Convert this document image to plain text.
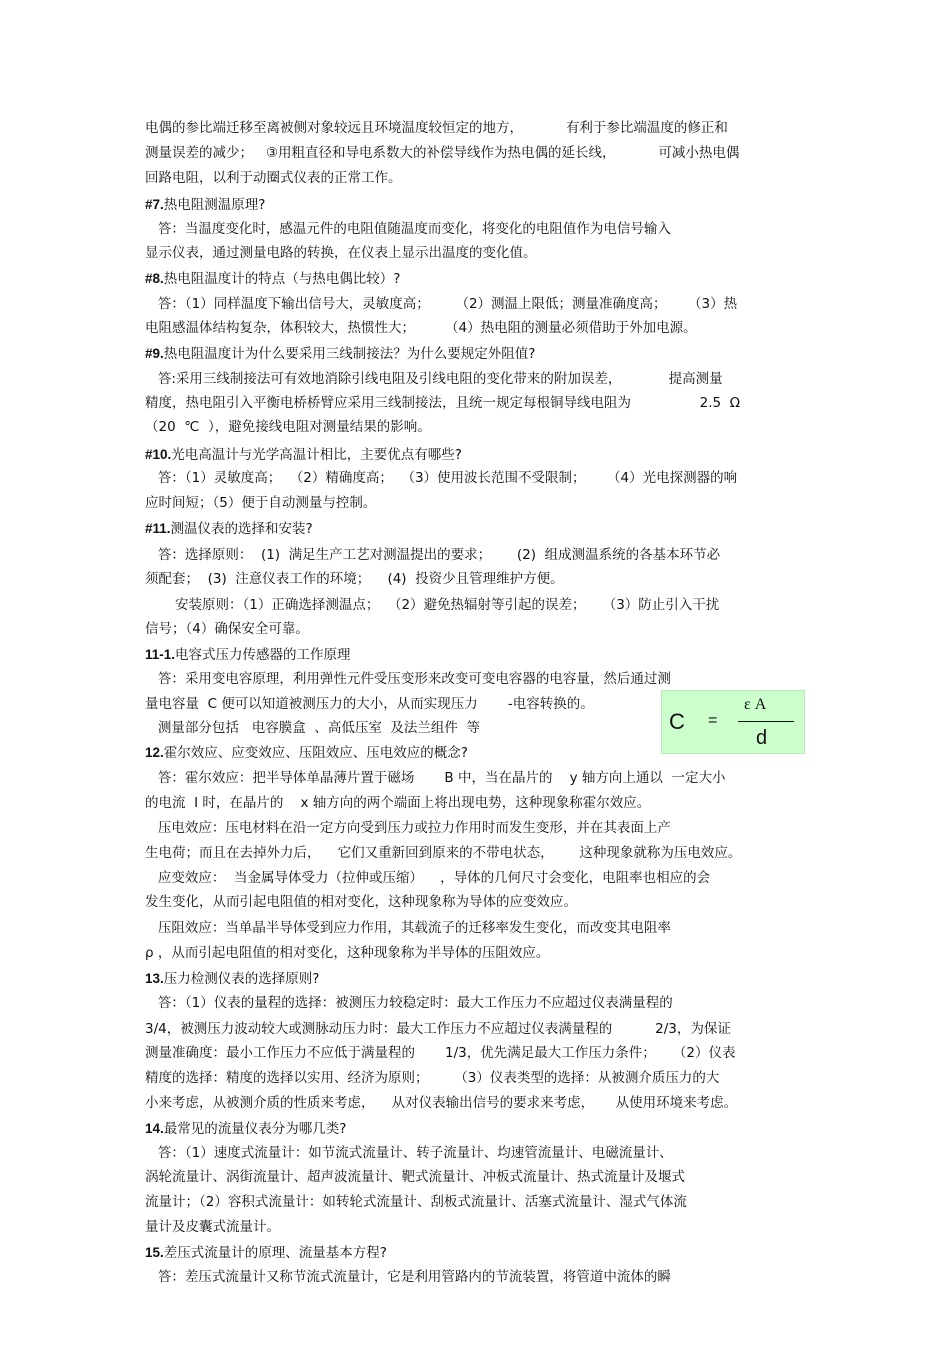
电偶的参比端迁移至离被侧对象较远且环境温度较恒定的地方，          有利于参比端温度的修正和
测量误差的减少；   ③用粗直径和导电系数大的补偿导线作为热电偶的延长线，          可减小热电偶
回路电阻，以利于动圈式仪表的正常工作。
#7.热电阻测温原理?
答：当温度变化时，感温元件的电阻值随温度而变化，将变化的电阻值作为电信号输入
显示仪表，通过测量电路的转换，在仪表上显示出温度的变化值。
#8.热电阻温度计的特点（与热电偶比较）?
答：（1）同样温度下输出信号大，灵敏度高；      （2）测温上限低；测量准确度高；     （3）热
电阻感温体结构复杂，体积较大，热惯性大；       （4）热电阻的测量必须借助于外加电源。
#9.热电阻温度计为什么要采用三线制接法？为什么要规定外阻值?
答:采用三线制接法可有效地消除引线电阻及引线电阻的变化带来的附加误差，           提高测量
精度，热电阻引入平衡电桥桥臂应采用三线制接法，且统一规定每根铜导线电阻为                2.5  Ω
（20  ℃  ），避免接线电阻对测量结果的影响。
#10.光电高温计与光学高温计相比，主要优点有哪些?
答：（1）灵敏度高；  （2）精确度高；  （3）使用波长范围不受限制；     （4）光电探测器的响
应时间短；（5）便于自动测量与控制。
#11.测温仪表的选择和安装?
答：选择原则：  (1)  满足生产工艺对测温提出的要求；      (2)  组成测温系统的各基本环节必
须配套；  (3)  注意仪表工作的环境；    (4)  投资少且管理维护方便。
安装原则：（1）正确选择测温点；  （2）避免热辐射等引起的误差；    （3）防止引入干扰
信号；（4）确保安全可靠。
11-1.电容式压力传感器的工作原理
答：采用变电容原理，利用弹性元件受压变形来改变可变电容器的电容量，然后通过测
量电容量  C 便可以知道被测压力的大小，从而实现压力       -电容转换的。
测量部分包括   电容膜盒  、高低压室  及法兰组件  等	C =
ε A
d
12.霍尔效应、应变效应、压阻效应、压电效应的概念?
答：霍尔效应：把半导体单晶薄片置于磁场       B 中，当在晶片的    y 轴方向上通以  一定大小
的电流  I 时，在晶片的    x 轴方向的两个端面上将出现电势，这种现象称霍尔效应。
压电效应：压电材料在沿一定方向受到压力或拉力作用时而发生变形，并在其表面上产
生电荷；而且在去掉外力后，    它们又重新回到原来的不带电状态，      这种现象就称为压电效应。
应变效应：  当金属导体受力（拉伸或压缩）    ，导体的几何尺寸会变化，电阻率也相应的会
发生变化，从而引起电阻值的相对变化，这种现象称为导体的应变效应。
压阻效应：当单晶半导体受到应力作用，其载流子的迁移率发生变化，而改变其电阻率
ρ ，从而引起电阻值的相对变化，这种现象称为半导体的压阻效应。
13.压力检测仪表的选择原则?
答：（1）仪表的量程的选择：被测压力较稳定时：最大工作压力不应超过仪表满量程的
3/4，被测压力波动较大或测脉动压力时：最大工作压力不应超过仪表满量程的          2/3，为保证
测量准确度：最小工作压力不应低于满量程的       1/3，优先满足最大工作压力条件；    （2）仪表
精度的选择：精度的选择以实用、经济为原则；      （3）仪表类型的选择：从被测介质压力的大
小来考虑，从被测介质的性质来考虑，    从对仪表输出信号的要求来考虑，     从使用环境来考虑。
14.最常见的流量仪表分为哪几类?
答：（1）速度式流量计：如节流式流量计、转子流量计、均速管流量计、电磁流量计、
涡轮流量计、涡街流量计、超声波流量计、靶式流量计、冲板式流量计、热式流量计及堰式
流量计；（2）容积式流量计：如转轮式流量计、刮板式流量计、活塞式流量计、湿式气体流
量计及皮囊式流量计。
15.差压式流量计的原理、流量基本方程?
答：差压式流量计又称节流式流量计，它是利用管路内的节流装置，将管道中流体的瞬
